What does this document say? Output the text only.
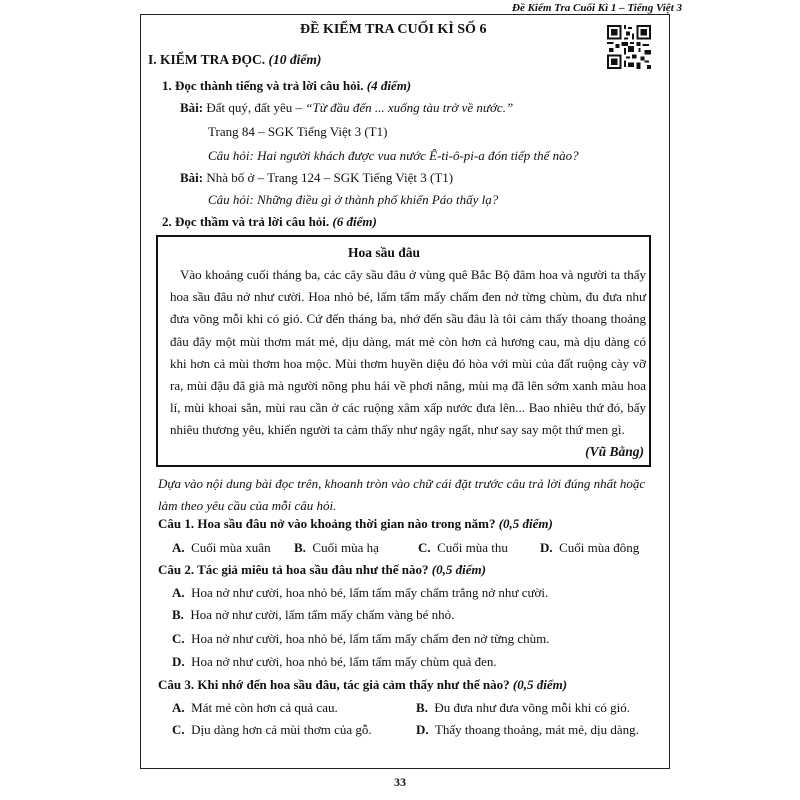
Đề Kiểm Tra Cuối Kì 1 – Tiếng Việt 3
ĐỀ KIỂM TRA CUỐI KÌ SỐ 6
I. KIỂM TRA ĐỌC. (10 điểm)
1. Đọc thành tiếng và trả lời câu hỏi. (4 điểm)
Bài: Đất quý, đất yêu – “Từ đầu đến ... xuống tàu trở về nước.”
Trang 84 – SGK Tiếng Việt 3 (T1)
Câu hỏi: Hai người khách được vua nước Ê-ti-ô-pi-a đón tiếp thế nào?
Bài: Nhà bố ở – Trang 124 – SGK Tiếng Việt 3 (T1)
Câu hỏi: Những điều gì ở thành phố khiến Páo thấy lạ?
2. Đọc thầm và trả lời câu hỏi. (6 điểm)
Hoa sầu đâu
Vào khoảng cuối tháng ba, các cây sầu đâu ở vùng quê Bắc Bộ đâm hoa và người ta thấy hoa sầu đâu nở như cười. Hoa nhỏ bé, lấm tấm mấy chấm đen nở từng chùm, đu đưa như đưa võng mỗi khi có gió. Cứ đến tháng ba, nhớ đến sầu đâu là tôi cảm thấy thoang thoảng đâu đây một mùi thơm mát mẻ, dịu dàng, mát mẻ còn hơn cả hương cau, mà dịu dàng có khi hơn cả mùi thơm hoa mộc. Mùi thơm huyền diệu đó hòa với mùi của đất ruộng cày vỡ ra, mùi đậu đã già mà người nông phu hái về phơi nắng, mùi mạ đã lên sớm xanh màu hoa lí, mùi khoai sắn, mùi rau cần ở các ruộng xâm xấp nước đưa lên... Bao nhiêu thứ đó, bấy nhiêu thương yêu, khiến người ta cảm thấy như ngây ngất, như say say một thứ men gì.
(Vũ Bằng)
Dựa vào nội dung bài đọc trên, khoanh tròn vào chữ cái đặt trước câu trả lời đúng nhất hoặc làm theo yêu cầu của mỗi câu hỏi.
Câu 1. Hoa sầu đâu nở vào khoảng thời gian nào trong năm? (0,5 điểm)
A. Cuối mùa xuân B. Cuối mùa hạ	C. Cuối mùa thu D. Cuối mùa đông
Câu 2. Tác giả miêu tả hoa sầu đâu như thế nào? (0,5 điểm)
A. Hoa nở như cười, hoa nhỏ bé, lấm tấm mấy chấm trắng nở như cười.
B. Hoa nở như cười, lấm tấm mấy chấm vàng bé nhỏ.
C. Hoa nở như cười, hoa nhỏ bé, lấm tấm mấy chấm đen nở từng chùm.
D. Hoa nở như cười, hoa nhỏ bé, lấm tấm mấy chùm quả đen.
Câu 3. Khi nhớ đến hoa sầu đâu, tác giả cảm thấy như thế nào? (0,5 điểm)
A. Mát mẻ còn hơn cả quả cau.	B. Đu đưa như đưa võng mỗi khi có gió.
C. Dịu dàng hơn cả mùi thơm của gỗ.	D. Thấy thoang thoảng, mát mẻ, dịu dàng.
33
